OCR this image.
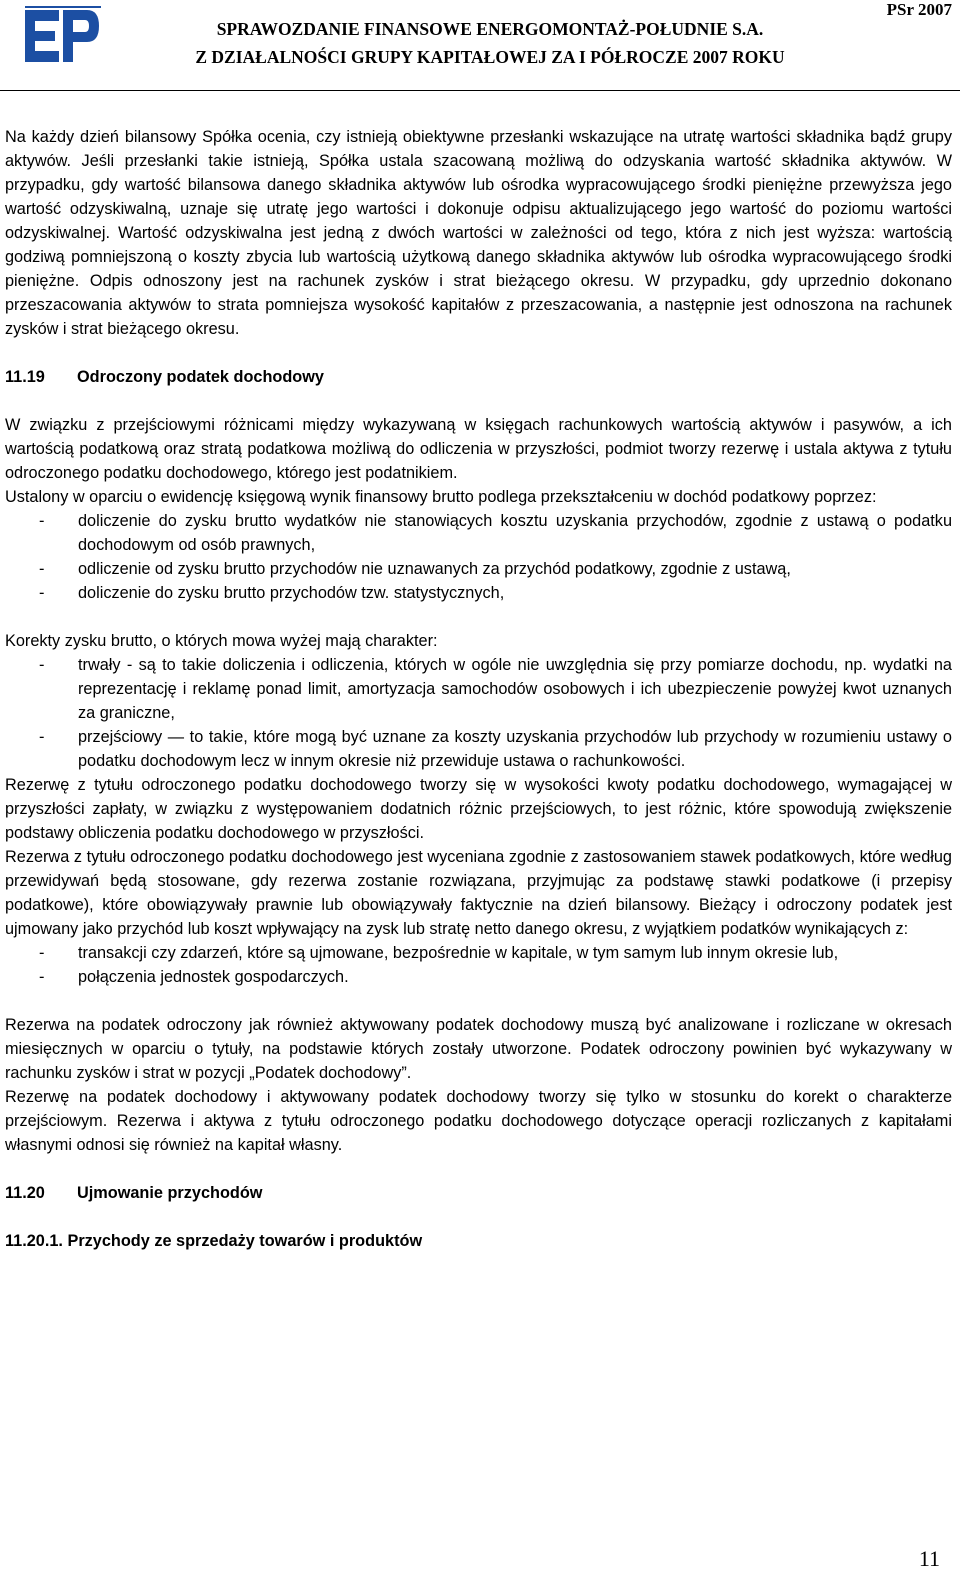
SPRAWOZDANIE FINANSOWE ENERGOMONTAŻ-POŁUDNIE S.A.
Z DZIAŁALNOŚCI GRUPY KAPITAŁOWEJ ZA I PÓŁROCZE 2007 ROKU
PSr 2007

Na każdy dzień bilansowy Spółka ocenia, czy istnieją obiektywne przesłanki wskazujące na utratę wartości składnika bądź grupy aktywów. Jeśli przesłanki takie istnieją, Spółka ustala szacowaną możliwą do odzyskania wartość składnika aktywów. W przypadku, gdy wartość bilansowa danego składnika aktywów lub ośrodka wypracowującego środki pieniężne przewyższa jego wartość odzyskiwalną, uznaje się utratę jego wartości i dokonuje odpisu aktualizującego jego wartość do poziomu wartości odzyskiwalnej. Wartość odzyskiwalna jest jedną z dwóch wartości w zależności od tego, która z nich jest wyższa: wartością godziwą pomniejszoną o koszty zbycia lub wartością użytkową danego składnika aktywów lub ośrodka wypracowującego środki pieniężne. Odpis odnoszony jest na rachunek zysków i strat bieżącego okresu. W przypadku, gdy uprzednio dokonano przeszacowania aktywów to strata pomniejsza wysokość kapitałów z przeszacowania, a następnie jest odnoszona na rachunek zysków i strat bieżącego okresu.

11.19 Odroczony podatek dochodowy

W związku z przejściowymi różnicami między wykazywaną w księgach rachunkowych wartością aktywów i pasywów, a ich wartością podatkową oraz stratą podatkowa możliwą do odliczenia w przyszłości, podmiot tworzy rezerwę i ustala aktywa z tytułu odroczonego podatku dochodowego, którego jest podatnikiem.

Ustalony w oparciu o ewidencję księgową wynik finansowy brutto podlega przekształceniu w dochód podatkowy poprzez:

- doliczenie do zysku brutto wydatków nie stanowiących kosztu uzyskania przychodów, zgodnie z ustawą o podatku dochodowym od osób prawnych,
- odliczenie od zysku brutto przychodów nie uznawanych za przychód podatkowy, zgodnie z ustawą,
- doliczenie do zysku brutto przychodów tzw. statystycznych,

Korekty zysku brutto, o których mowa wyżej mają charakter:

- trwały - są to takie doliczenia i odliczenia, których w ogóle nie uwzględnia się przy pomiarze dochodu, np. wydatki na reprezentację i reklamę ponad limit, amortyzacja samochodów osobowych i ich ubezpieczenie powyżej kwot uznanych za graniczne,
- przejściowy — to takie, które mogą być uznane za koszty uzyskania przychodów lub przychody w rozumieniu ustawy o podatku dochodowym lecz w innym okresie niż przewiduje ustawa o rachunkowości.

Rezerwę z tytułu odroczonego podatku dochodowego tworzy się w wysokości kwoty podatku dochodowego, wymagającej w przyszłości zapłaty, w związku z występowaniem dodatnich różnic przejściowych, to jest różnic, które spowodują zwiększenie podstawy obliczenia podatku dochodowego w przyszłości.

Rezerwa z tytułu odroczonego podatku dochodowego jest wyceniana zgodnie z zastosowaniem stawek podatkowych, które według przewidywań będą stosowane, gdy rezerwa zostanie rozwiązana, przyjmując za podstawę stawki podatkowe (i przepisy podatkowe), które obowiązywały prawnie lub obowiązywały faktycznie na dzień bilansowy. Bieżący i odroczony podatek jest ujmowany jako przychód lub koszt wpływający na zysk lub stratę netto danego okresu, z wyjątkiem podatków wynikających z:

- transakcji czy zdarzeń, które są ujmowane, bezpośrednie w kapitale, w tym samym lub innym okresie lub,
- połączenia jednostek gospodarczych.

Rezerwa na podatek odroczony jak również aktywowany podatek dochodowy muszą być analizowane i rozliczane w okresach miesięcznych w oparciu o tytuły, na podstawie których zostały utworzone. Podatek odroczony powinien być wykazywany w rachunku zysków i strat w pozycji „Podatek dochodowy”.

Rezerwę na podatek dochodowy i aktywowany podatek dochodowy tworzy się tylko w stosunku do korekt o charakterze przejściowym. Rezerwa i aktywa z tytułu odroczonego podatku dochodowego dotyczące operacji rozliczanych z kapitałami własnymi odnosi się również na kapitał własny.

11.20 Ujmowanie przychodów
11.20.1. Przychody ze sprzedaży towarów i produktów
11
